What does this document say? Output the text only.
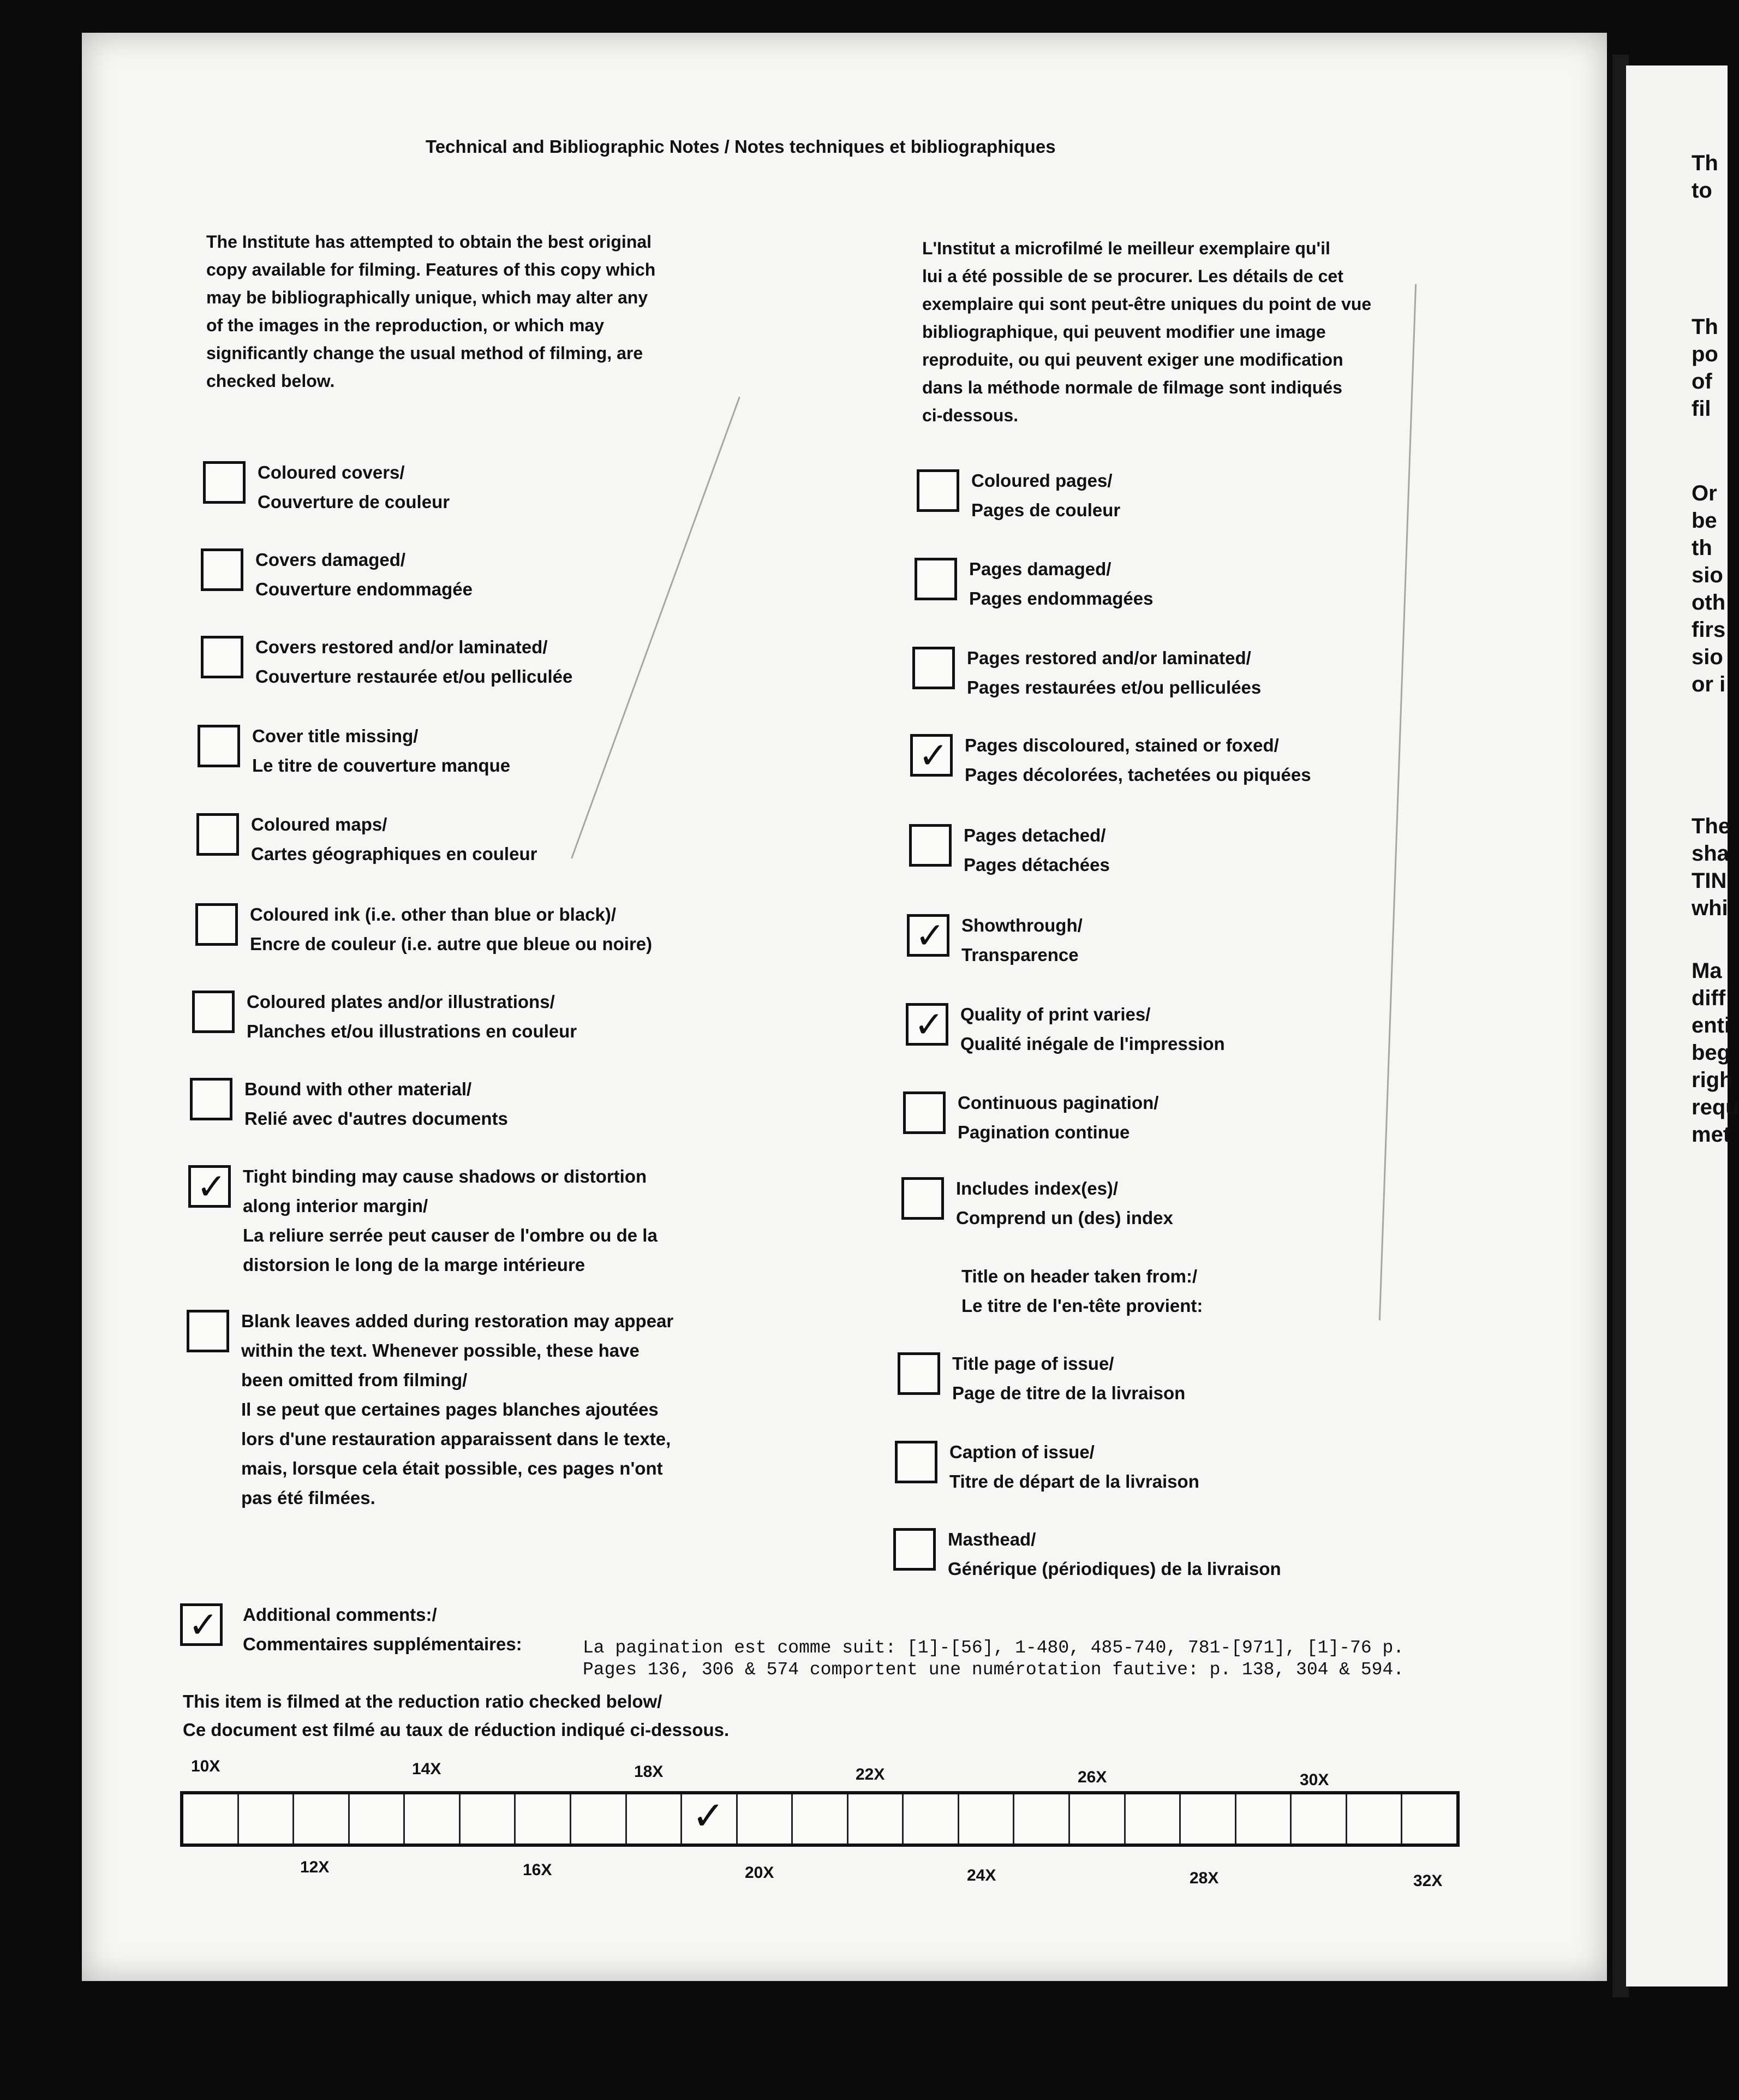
Technical and Bibliographic Notes / Notes techniques et bibliographiques
The Institute has attempted to obtain the best original
copy available for filming. Features of this copy which
may be bibliographically unique, which may alter any
of the images in the reproduction, or which may
significantly change the usual method of filming, are
checked below.
L'Institut a microfilmé le meilleur exemplaire qu'il
lui a été possible de se procurer. Les détails de cet
exemplaire qui sont peut-être uniques du point de vue
bibliographique, qui peuvent modifier une image
reproduite, ou qui peuvent exiger une modification
dans la méthode normale de filmage sont indiqués
ci-dessous.
Coloured covers/
Couverture de couleur
Covers damaged/
Couverture endommagée
Covers restored and/or laminated/
Couverture restaurée et/ou pelliculée
Cover title missing/
Le titre de couverture manque
Coloured maps/
Cartes géographiques en couleur
Coloured ink (i.e. other than blue or black)/
Encre de couleur (i.e. autre que bleue ou noire)
Coloured plates and/or illustrations/
Planches et/ou illustrations en couleur
Bound with other material/
Relié avec d'autres documents
✓ Tight binding may cause shadows or distortion
along interior margin/
La reliure serrée peut causer de l'ombre ou de la
distorsion le long de la marge intérieure
Blank leaves added during restoration may appear
within the text. Whenever possible, these have
been omitted from filming/
Il se peut que certaines pages blanches ajoutées
lors d'une restauration apparaissent dans le texte,
mais, lorsque cela était possible, ces pages n'ont
pas été filmées.
Coloured pages/
Pages de couleur
Pages damaged/
Pages endommagées
Pages restored and/or laminated/
Pages restaurées et/ou pelliculées
✓ Pages discoloured, stained or foxed/
Pages décolorées, tachetées ou piquées
Pages detached/
Pages détachées
✓ Showthrough/
Transparence
✓ Quality of print varies/
Qualité inégale de l'impression
Continuous pagination/
Pagination continue
Includes index(es)/
Comprend un (des) index
Title on header taken from:/
Le titre de l'en-tête provient:
Title page of issue/
Page de titre de la livraison
Caption of issue/
Titre de départ de la livraison
Masthead/
Générique (périodiques) de la livraison
✓ Additional comments:/
Commentaires supplémentaires:	La pagination est comme suit: [1]-[56], 1-480, 485-740, 781-[971], [1]-76 p.
Pages 136, 306 & 574 comportent une numérotation fautive: p. 138, 304 & 594.
This item is filmed at the reduction ratio checked below/
Ce document est filmé au taux de réduction indiqué ci-dessous.
10X	14X	18X	22X	26X	30X
✓
12X	16X	20X	24X	28X	32X
Th
to
Th
po
of
fil
Or
be
th
sio
oth
firs
sio
or i
The
sha
TIN
whi
Ma
diff
enti
beg
righ
requ
met
